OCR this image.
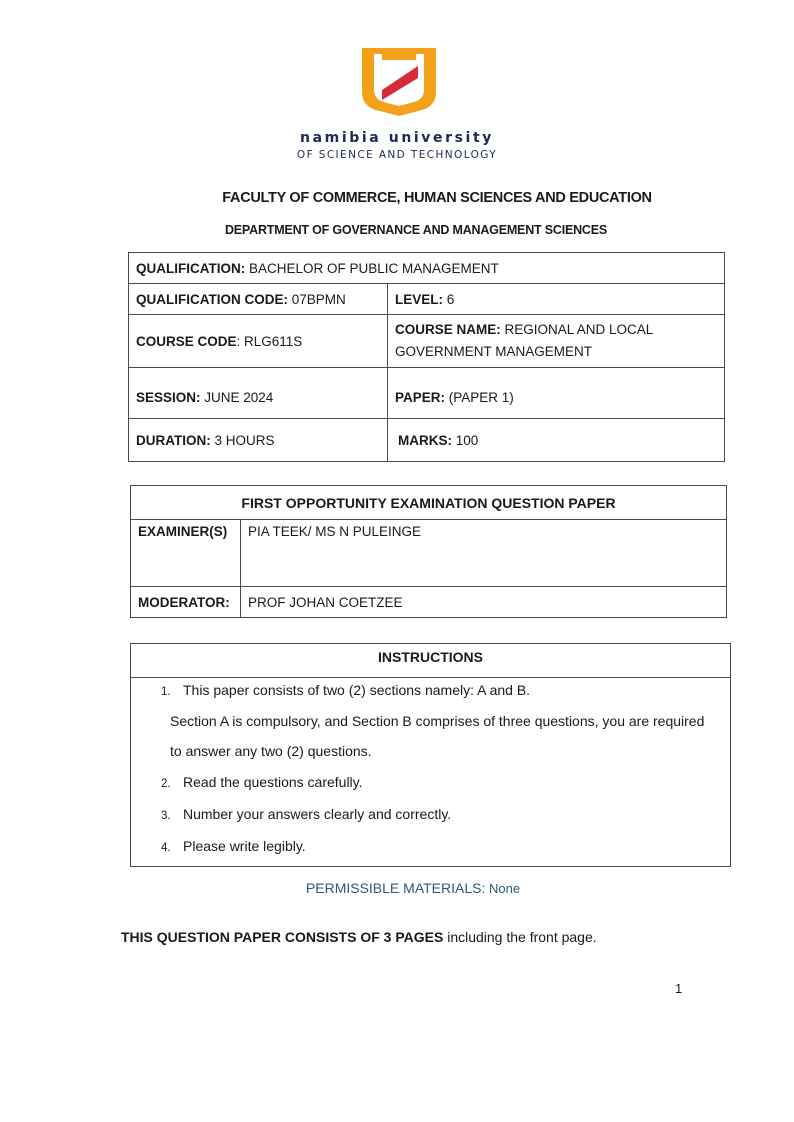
namibia university
OF SCIENCE AND TECHNOLOGY
FACULTY OF COMMERCE, HUMAN SCIENCES AND EDUCATION
DEPARTMENT OF GOVERNANCE AND MANAGEMENT SCIENCES
QUALIFICATION: BACHELOR OF PUBLIC MANAGEMENT	
QUALIFICATION CODE: 07BPMN	LEVEL: 6
COURSE CODE: RLG611S	COURSE NAME: REGIONAL AND LOCAL GOVERNMENT MANAGEMENT
SESSION: JUNE 2024	PAPER: (PAPER 1)
DURATION: 3 HOURS	MARKS: 100
FIRST OPPORTUNITY EXAMINATION QUESTION PAPER	
EXAMINER(S)	PIA TEEK/ MS N PULEINGE
MODERATOR:	PROF JOHAN COETZEE
INSTRUCTIONS
1. This paper consists of two (2) sections namely: A and B.
Section A is compulsory, and Section B comprises of three questions, you are required
to answer any two (2) questions.
2. Read the questions carefully.
3. Number your answers clearly and correctly.
4. Please write legibly.
PERMISSIBLE MATERIALS: None
THIS QUESTION PAPER CONSISTS OF 3 PAGES including the front page.
1
